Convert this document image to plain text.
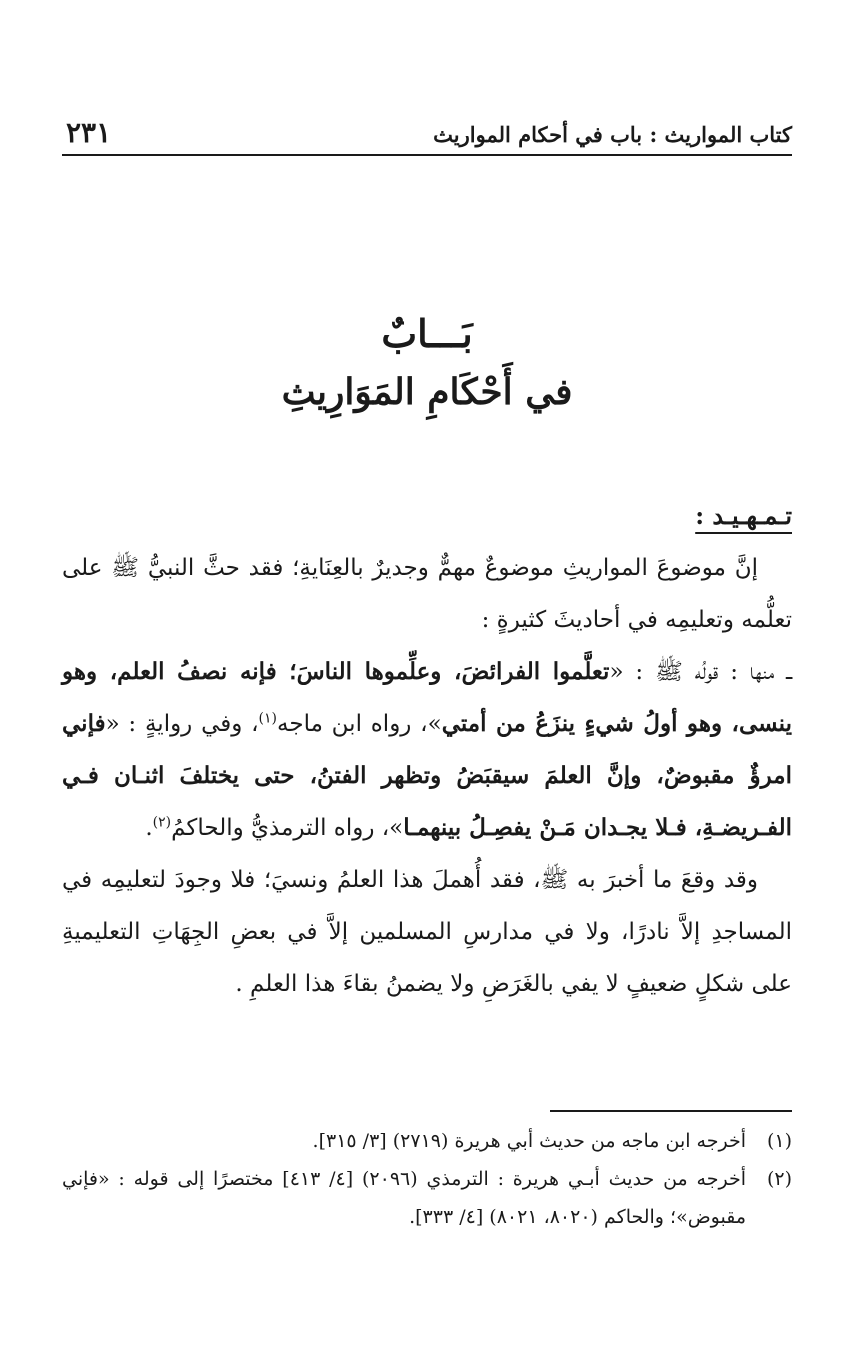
كتاب المواريث : باب في أحكام المواريث
٢٣١
بَـــابٌ
في أَحْكَامِ المَوَارِيثِ

تـمـهـيـد :

إنَّ موضوعَ المواريثِ موضوعٌ مهمٌّ وجديرٌ بالعِنَايةِ؛ فقد حثَّ النبيُّ ﷺ على تعلُّمه وتعليمِه في أحاديثَ كثيرةٍ :

ــ منها : قولُه ﷺ : «تعلَّموا الفرائضَ، وعلِّموها الناسَ؛ فإنه نصفُ العلم، وهو ينسى، وهو أولُ شيءٍ ينزَعُ من أمتي»، رواه ابن ماجه$^{(١)}$، وفي روايةٍ : «فإني امرؤٌ مقبوضٌ، وإنَّ العلمَ سيقبَضُ وتظهر الفتنُ، حتى يختلفَ اثنـان فـي الفـريضـةِ، فـلا يجـدان مَـنْ يفصِـلُ بينهمـا»، رواه الترمذيُّ والحاكمُ$^{(٢)}$.

وقد وقعَ ما أخبرَ به ﷺ، فقد أُهملَ هذا العلمُ ونسيَ؛ فلا وجودَ لتعليمِه في المساجدِ إلاَّ نادرًا، ولا في مدارسِ المسلمين إلاَّ في بعضِ الجِهَاتِ التعليميةِ على شكلٍ ضعيفٍ لا يفي بالغَرَضِ ولا يضمنُ بقاءَ هذا العلمِ .

(١)
أخرجه ابن ماجه من حديث أبي هريرة (٢٧١٩) [٣/ ٣١٥].
(٢)
أخرجه من حديث أبـي هريرة : الترمذي (٢٠٩٦) [٤/ ٤١٣] مختصرًا إلى قوله : «فإني مقبوض»؛ والحاكم (٨٠٢٠، ٨٠٢١) [٤/ ٣٣٣].
